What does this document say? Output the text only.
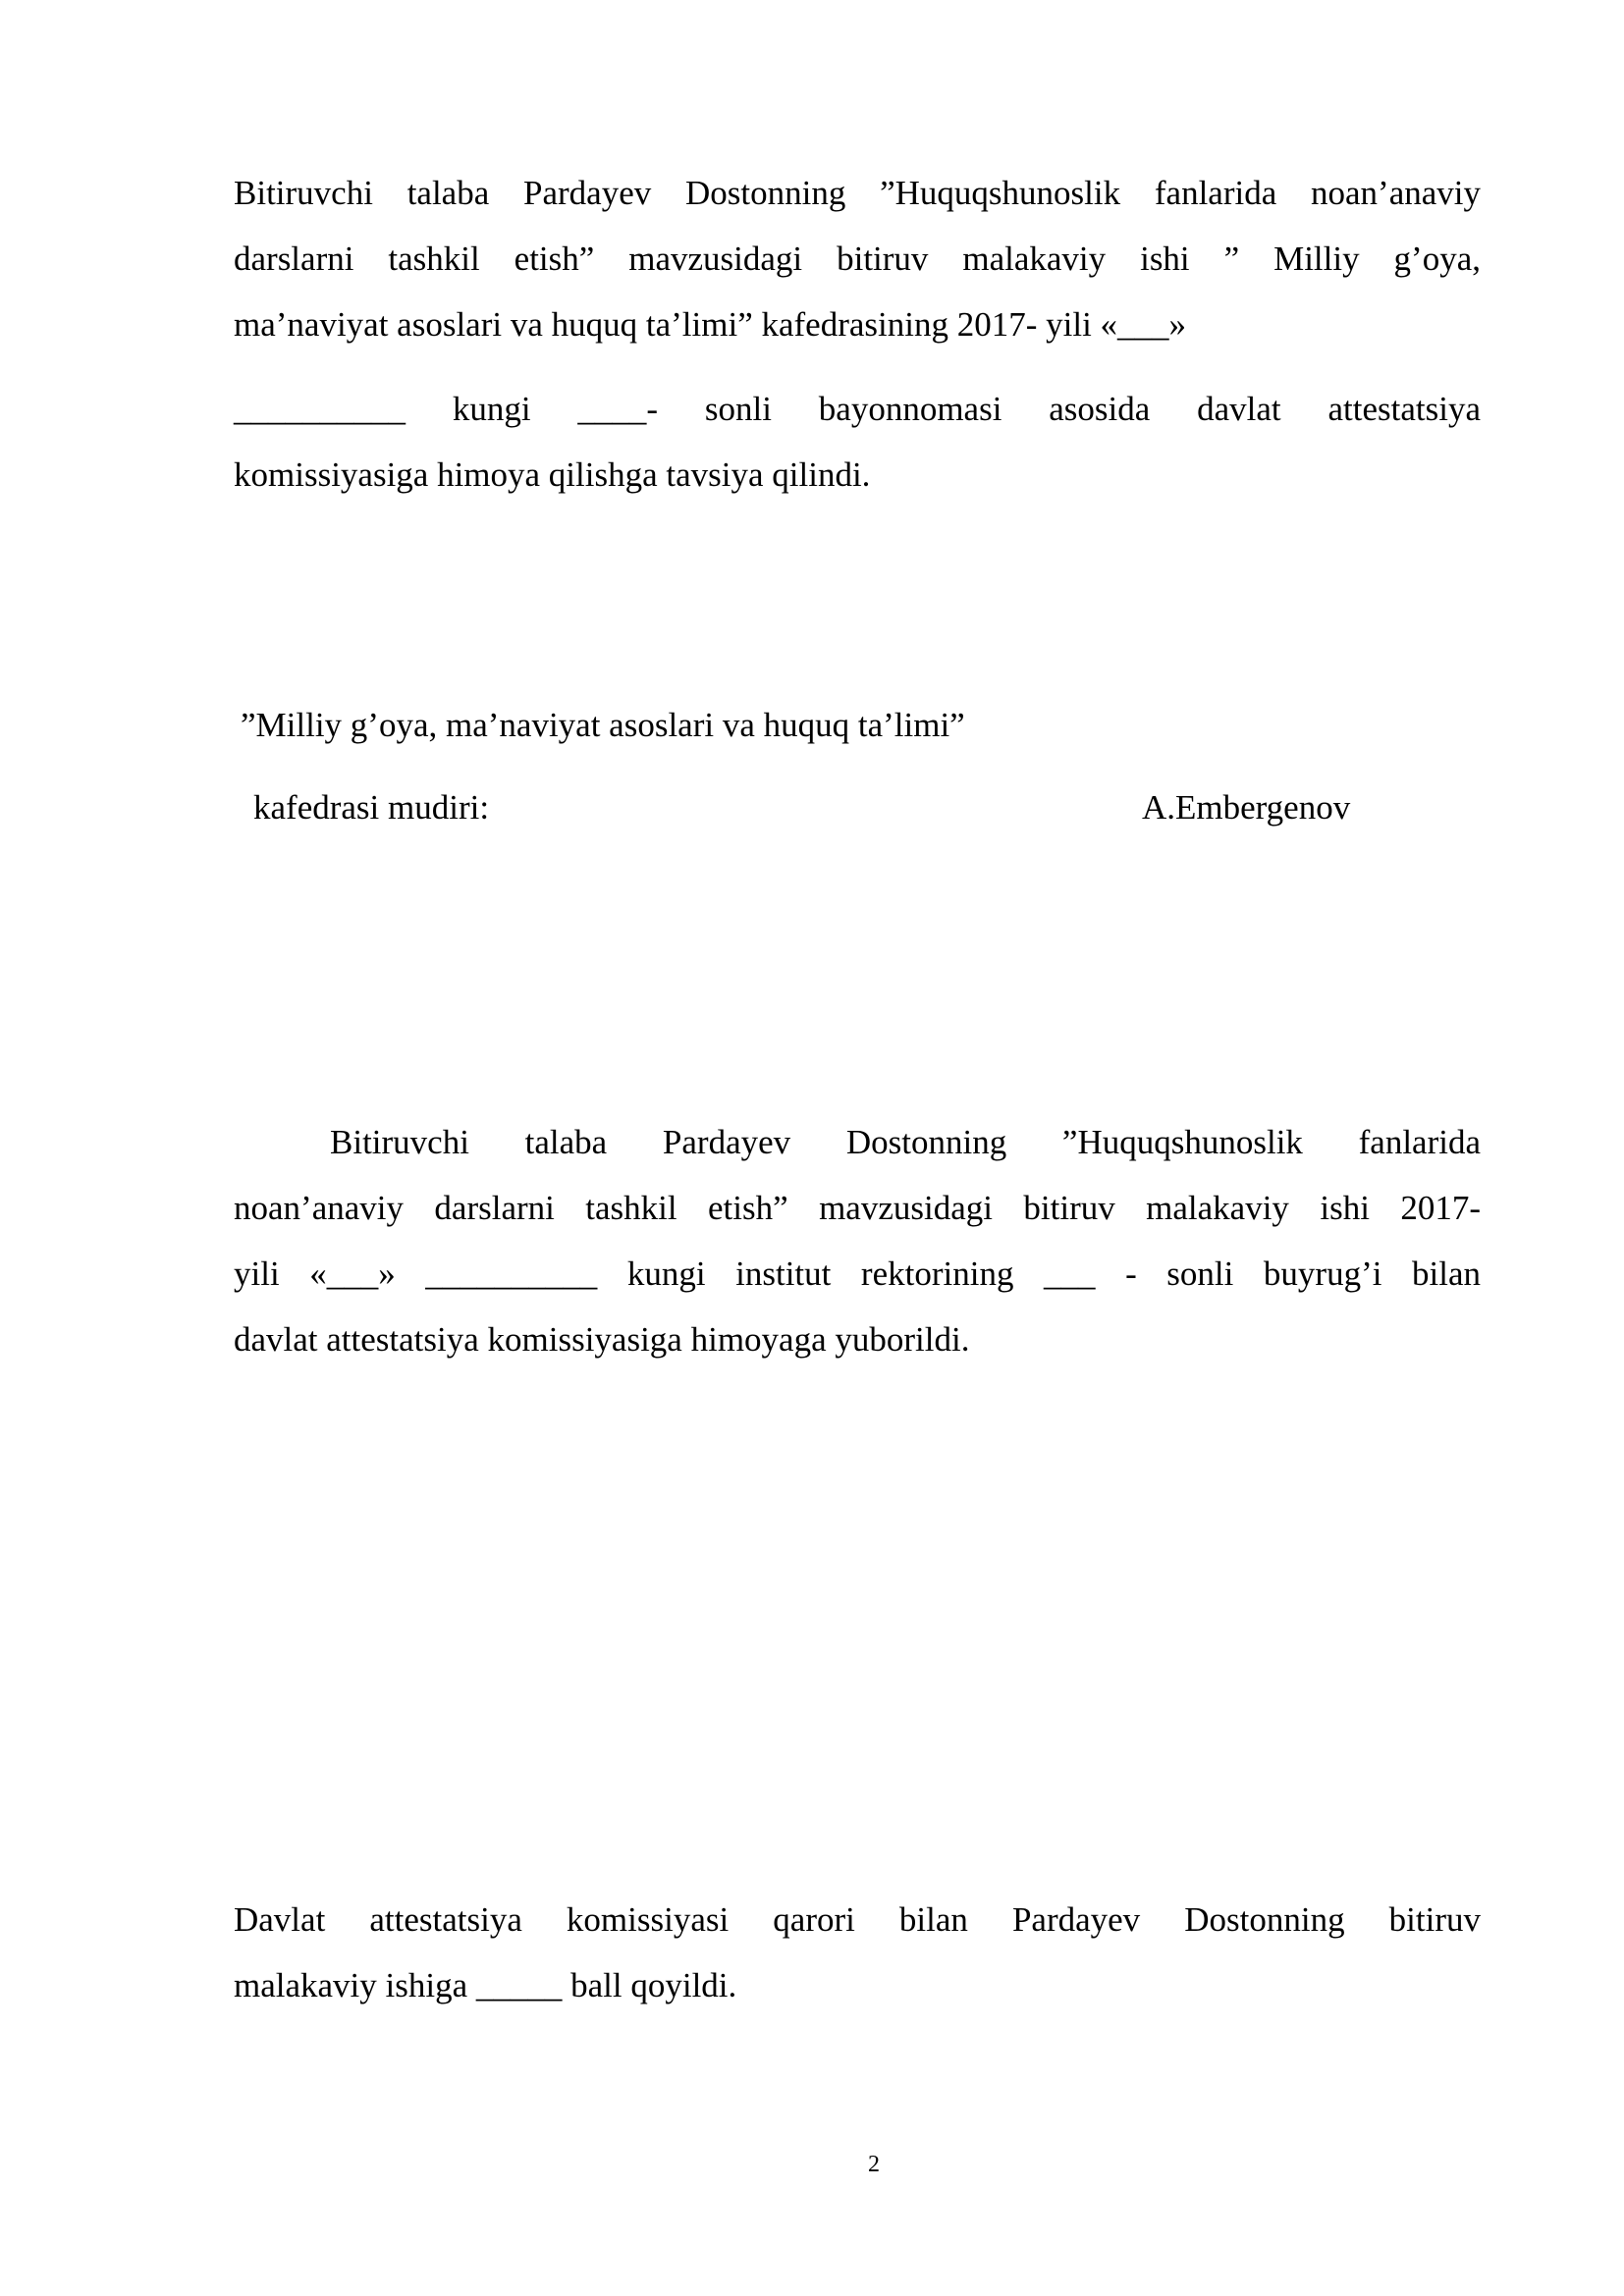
Bitiruvchi talaba Pardayev Dostonning ”Huquqshunoslik fanlarida noan’anaviy

darslarni tashkil etish” mavzusidagi bitiruv malakaviy ishi ” Milliy g’oya,

ma’naviyat asoslari va huquq ta’limi” kafedrasining 2017- yili «___»

__________ kungi ____- sonli bayonnomasi asosida davlat attestatsiya

komissiyasiga himoya qilishga tavsiya qilindi.

”Milliy g’oya, ma’naviyat asoslari va huquq ta’limi”

kafedrasi mudiri:	A.Embergenov

Bitiruvchi talaba Pardayev Dostonning ”Huquqshunoslik fanlarida

noan’anaviy darslarni tashkil etish” mavzusidagi bitiruv malakaviy ishi 2017-

yili «___» __________ kungi institut rektorining ___ - sonli buyrug’i bilan

davlat attestatsiya komissiyasiga himoyaga yuborildi.

Davlat attestatsiya komissiyasi qarori bilan Pardayev Dostonning bitiruv

malakaviy ishiga _____ ball qoyildi.

2
